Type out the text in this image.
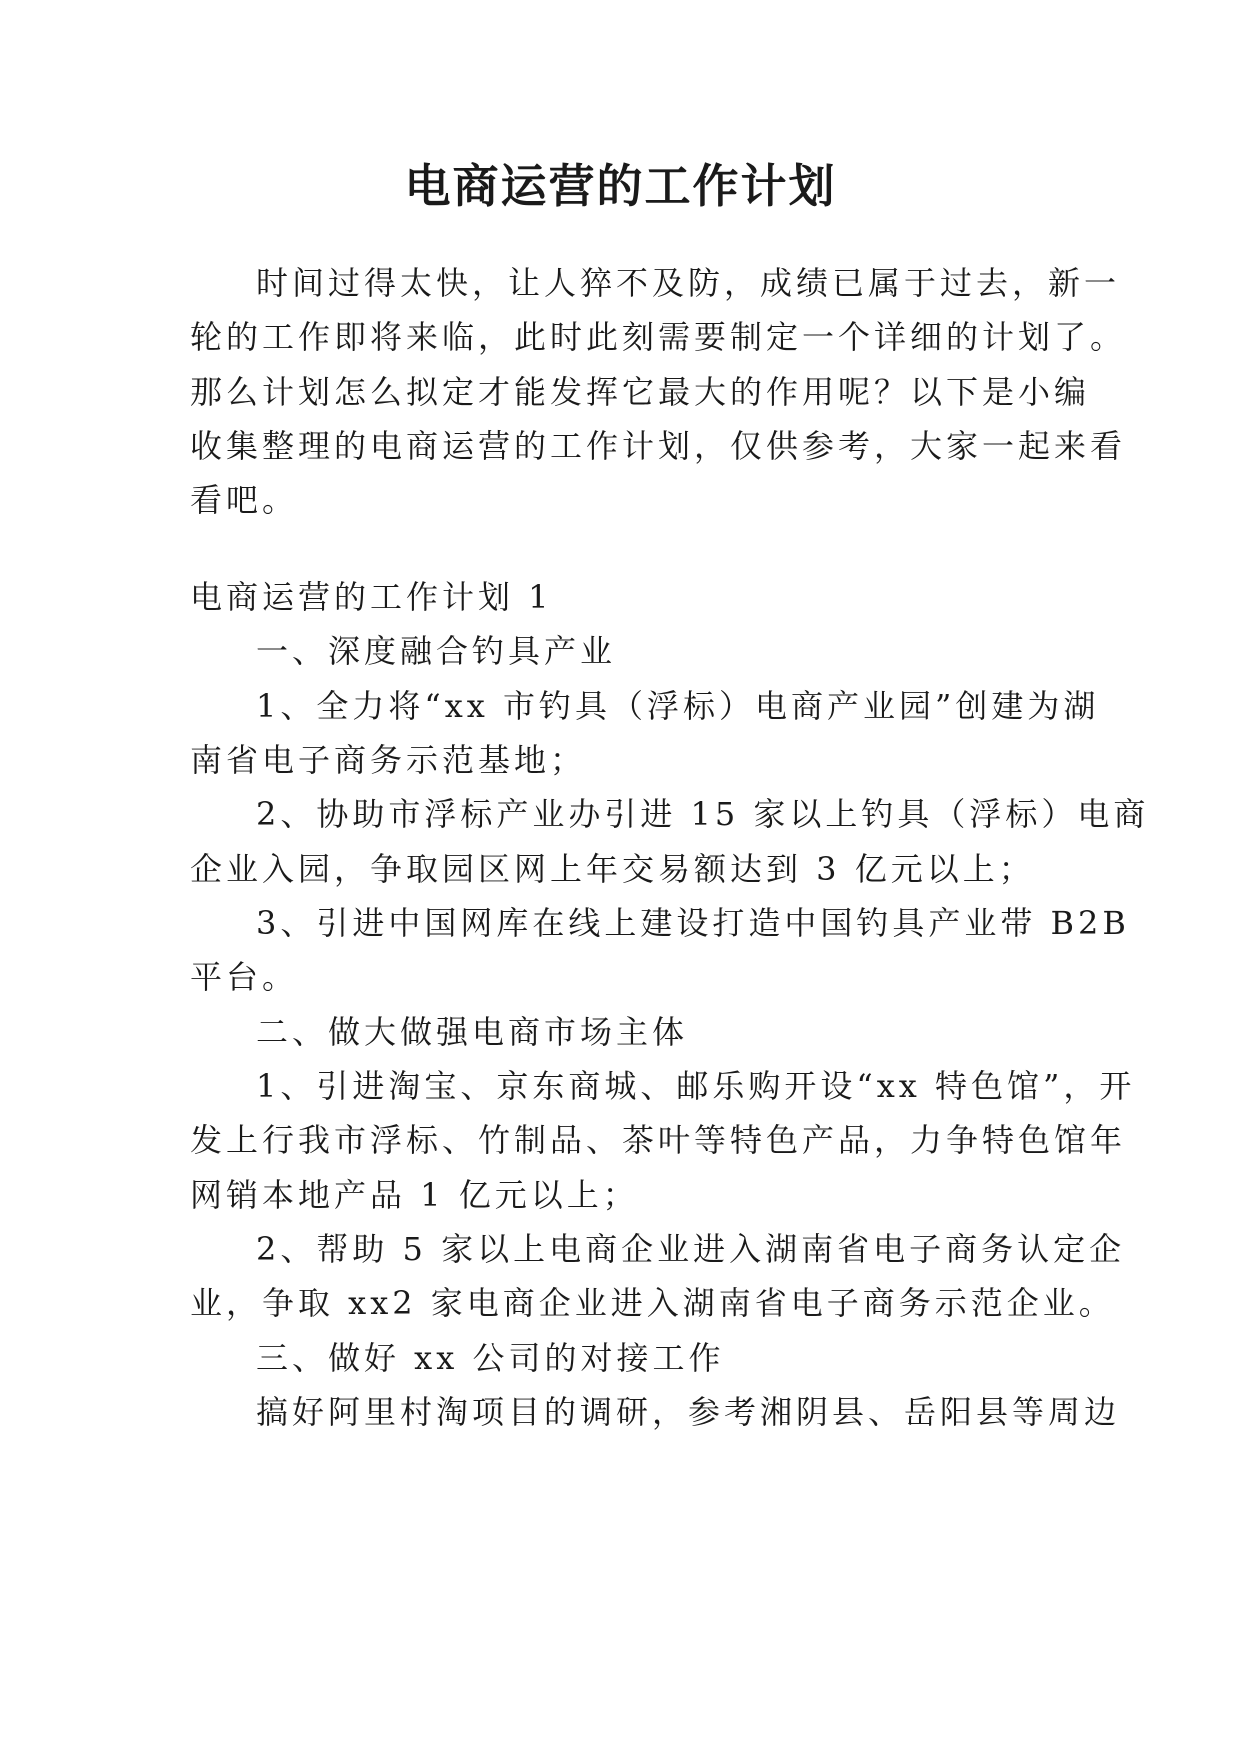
电商运营的工作计划

时间过得太快，让人猝不及防，成绩已属于过去，新一

轮的工作即将来临，此时此刻需要制定一个详细的计划了。

那么计划怎么拟定才能发挥它最大的作用呢？以下是小编

收集整理的电商运营的工作计划，仅供参考，大家一起来看

看吧。

电商运营的工作计划 1

一、深度融合钓具产业

1、全力将“xx 市钓具（浮标）电商产业园”创建为湖

南省电子商务示范基地；

2、协助市浮标产业办引进 15 家以上钓具（浮标）电商

企业入园，争取园区网上年交易额达到 3 亿元以上；

3、引进中国网库在线上建设打造中国钓具产业带 B2B

平台。

二、做大做强电商市场主体

1、引进淘宝、京东商城、邮乐购开设“xx 特色馆”，开

发上行我市浮标、竹制品、茶叶等特色产品，力争特色馆年

网销本地产品 1 亿元以上；

2、帮助 5 家以上电商企业进入湖南省电子商务认定企

业，争取 xx2 家电商企业进入湖南省电子商务示范企业。

三、做好 xx 公司的对接工作

搞好阿里村淘项目的调研，参考湘阴县、岳阳县等周边
